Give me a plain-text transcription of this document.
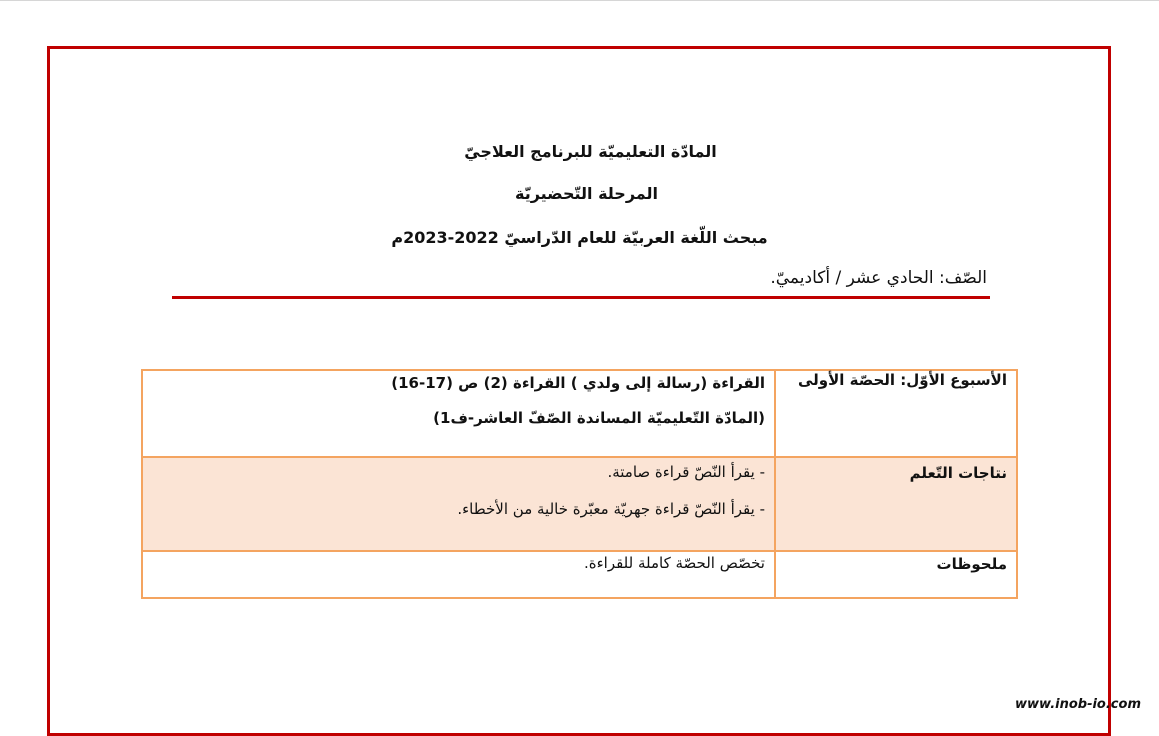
المادّة التعليميّة للبرنامج العلاجيّ
المرحلة التّحضيريّة
مبحث اللّغة العربيّة للعام الدّراسيّ 2022-2023م
الصّف: الحادي عشر / أكاديميّ.
الأسبوع الأوّل: الحصّة الأولى	القراءة (رسالة إلى ولدي ) القراءة (2) ص (17-16)
(المادّة التّعليميّة المساندة الصّفّ العاشر-ف1)

نتاجات التّعلم	- يقرأ النّصّ قراءة صامتة.
- يقرأ النّصّ قراءة جهريّة معبّرة خالية من الأخطاء.

ملحوظات	تخصّص الحصّة كاملة للقراءة.
www.inob-io.com
